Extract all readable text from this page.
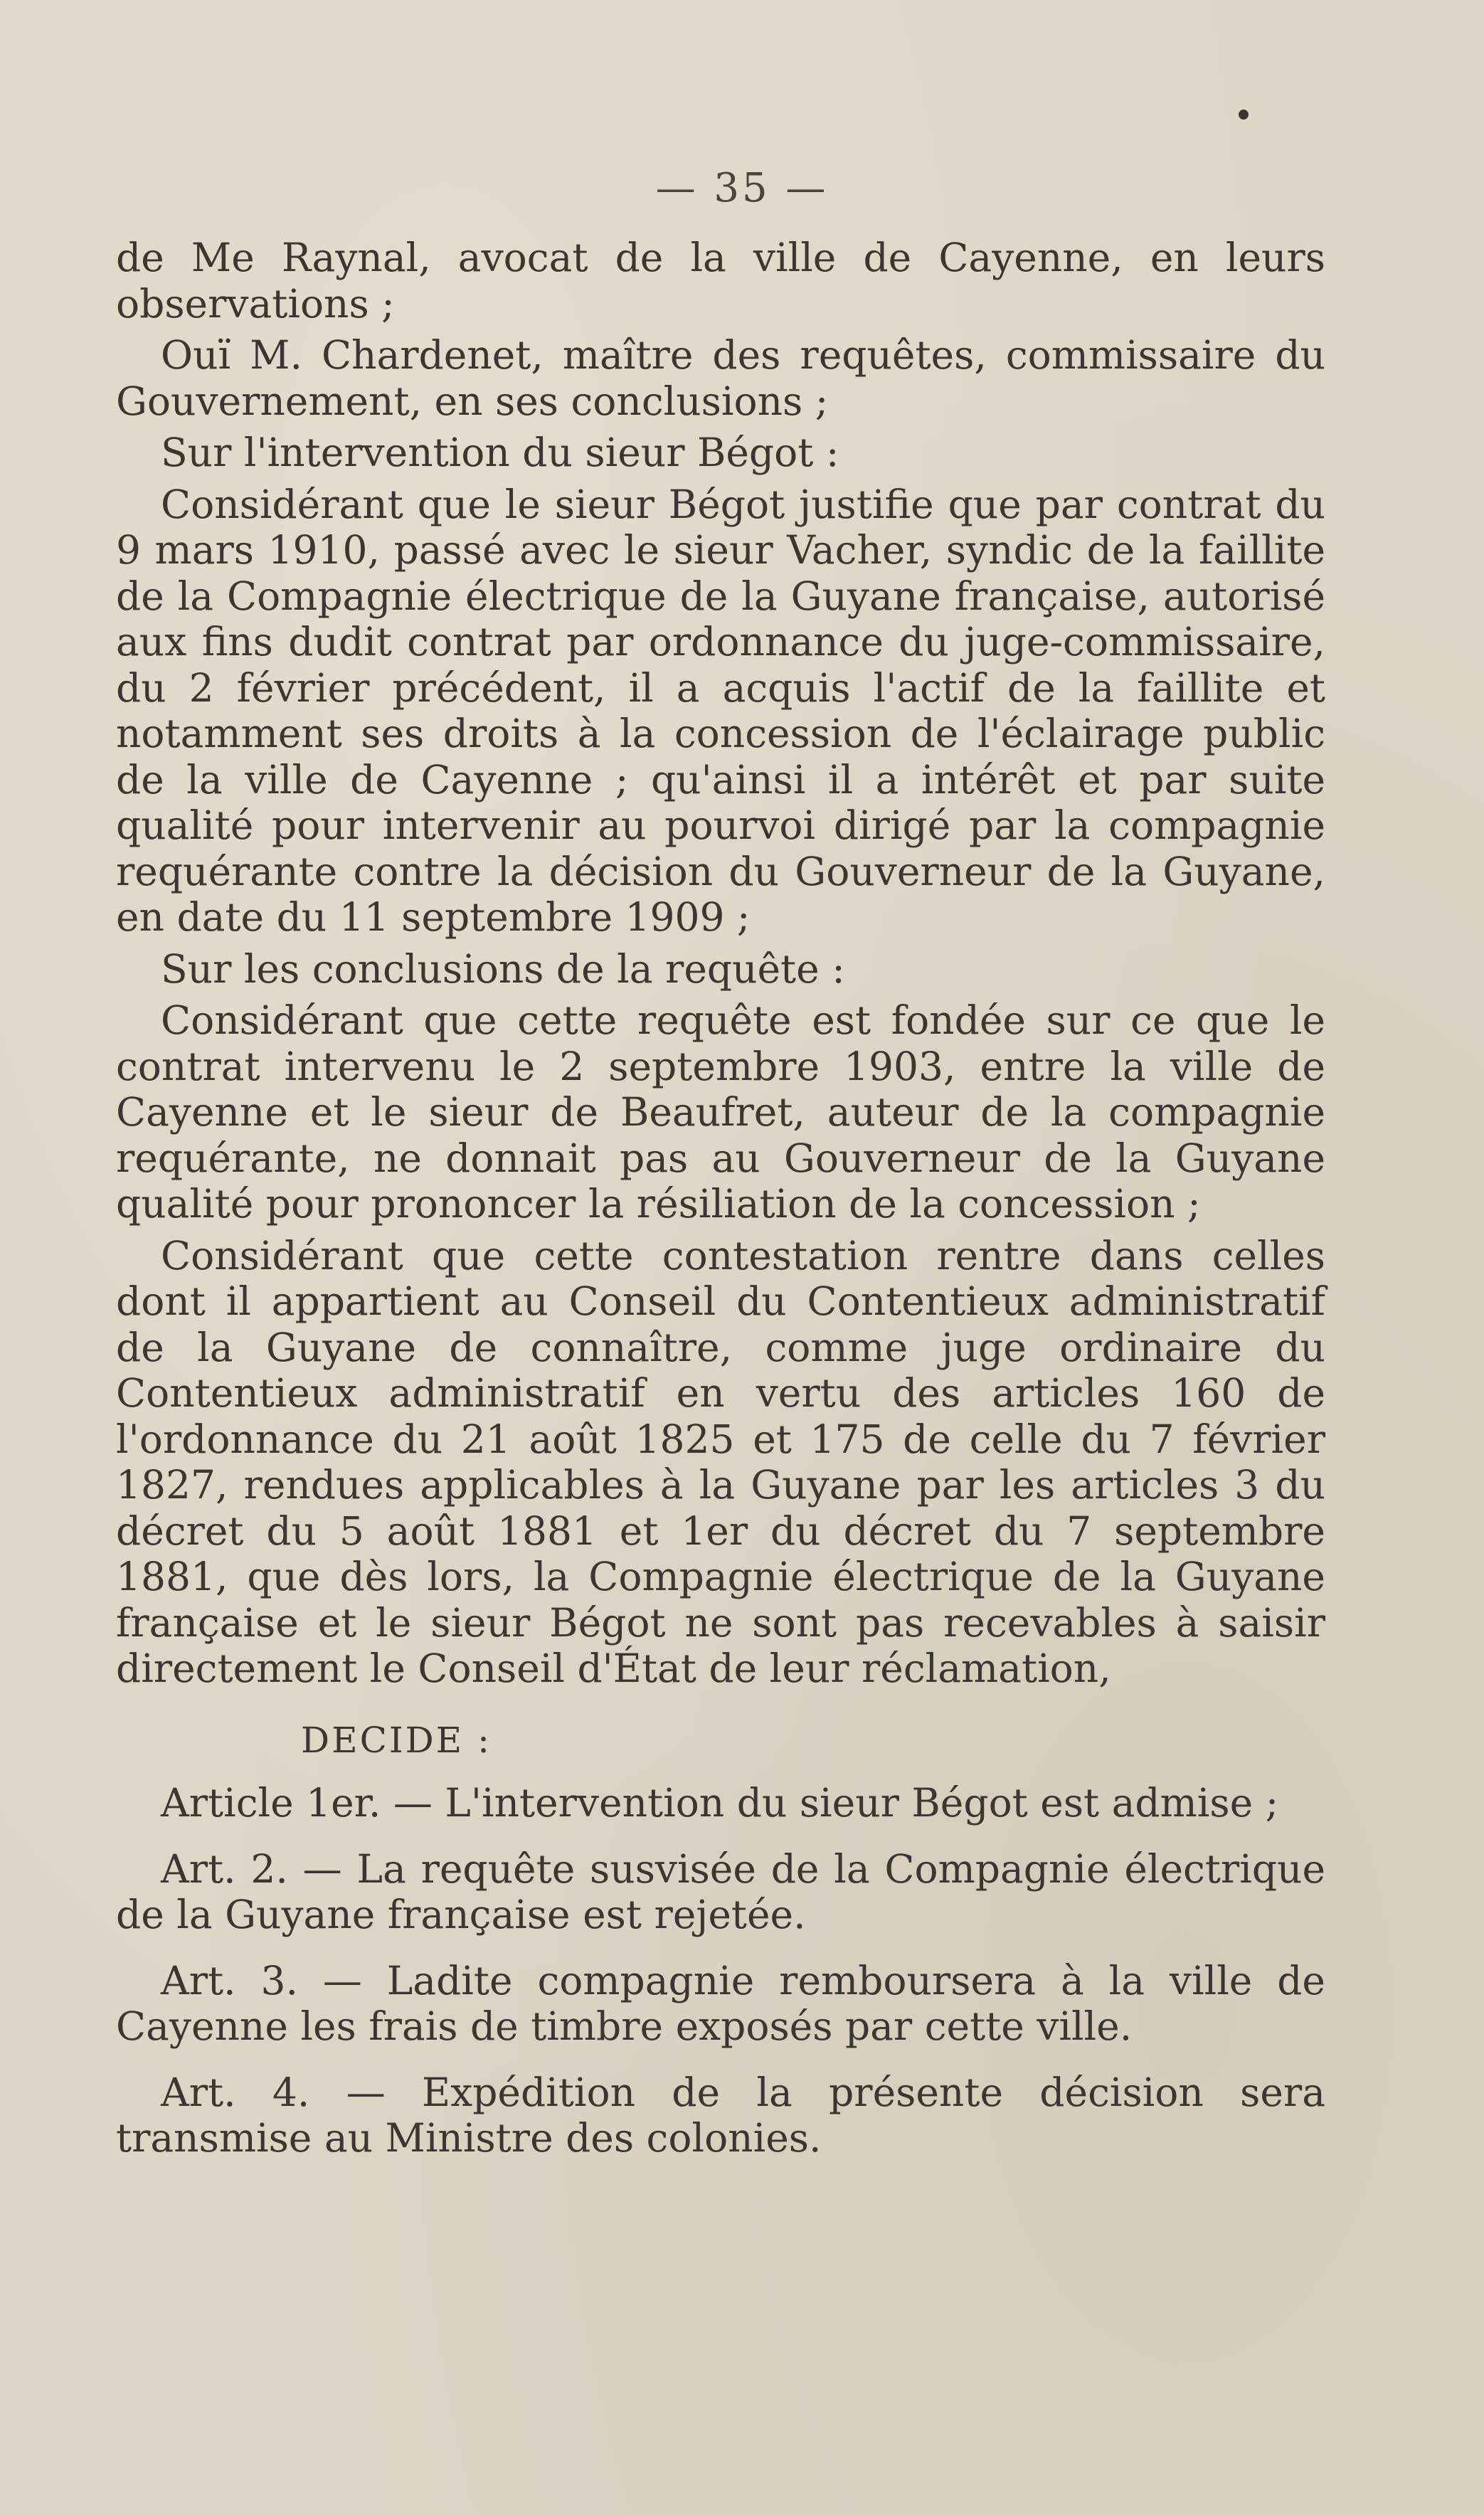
— 35 —

de Me Raynal, avocat de la ville de Cayenne, en leurs observations ;

Ouï M. Chardenet, maître des requêtes, commissaire du Gouvernement, en ses conclusions ;

Sur l'intervention du sieur Bégot :

Considérant que le sieur Bégot justifie que par contrat du 9 mars 1910, passé avec le sieur Vacher, syndic de la faillite de la Compagnie électrique de la Guyane française, autorisé aux fins dudit contrat par ordonnance du juge-commissaire, du 2 février précédent, il a acquis l'actif de la faillite et notamment ses droits à la concession de l'éclairage public de la ville de Cayenne ; qu'ainsi il a intérêt et par suite qualité pour intervenir au pourvoi dirigé par la compagnie requérante contre la décision du Gouverneur de la Guyane, en date du 11 septembre 1909 ;

Sur les conclusions de la requête :

Considérant que cette requête est fondée sur ce que le contrat intervenu le 2 septembre 1903, entre la ville de Cayenne et le sieur de Beaufret, auteur de la compagnie requérante, ne donnait pas au Gouverneur de la Guyane qualité pour prononcer la résiliation de la concession ;

Considérant que cette contestation rentre dans celles dont il appartient au Conseil du Contentieux administratif de la Guyane de connaître, comme juge ordinaire du Contentieux administratif en vertu des articles 160 de l'ordonnance du 21 août 1825 et 175 de celle du 7 février 1827, rendues applicables à la Guyane par les articles 3 du décret du 5 août 1881 et 1er du décret du 7 septembre 1881, que dès lors, la Compagnie électrique de la Guyane française et le sieur Bégot ne sont pas recevables à saisir directement le Conseil d'État de leur réclamation,

DECIDE :

Article 1er. — L'intervention du sieur Bégot est admise ;

Art. 2. — La requête susvisée de la Compagnie électrique de la Guyane française est rejetée.

Art. 3. — Ladite compagnie remboursera à la ville de Cayenne les frais de timbre exposés par cette ville.

Art. 4. — Expédition de la présente décision sera transmise au Ministre des colonies.
